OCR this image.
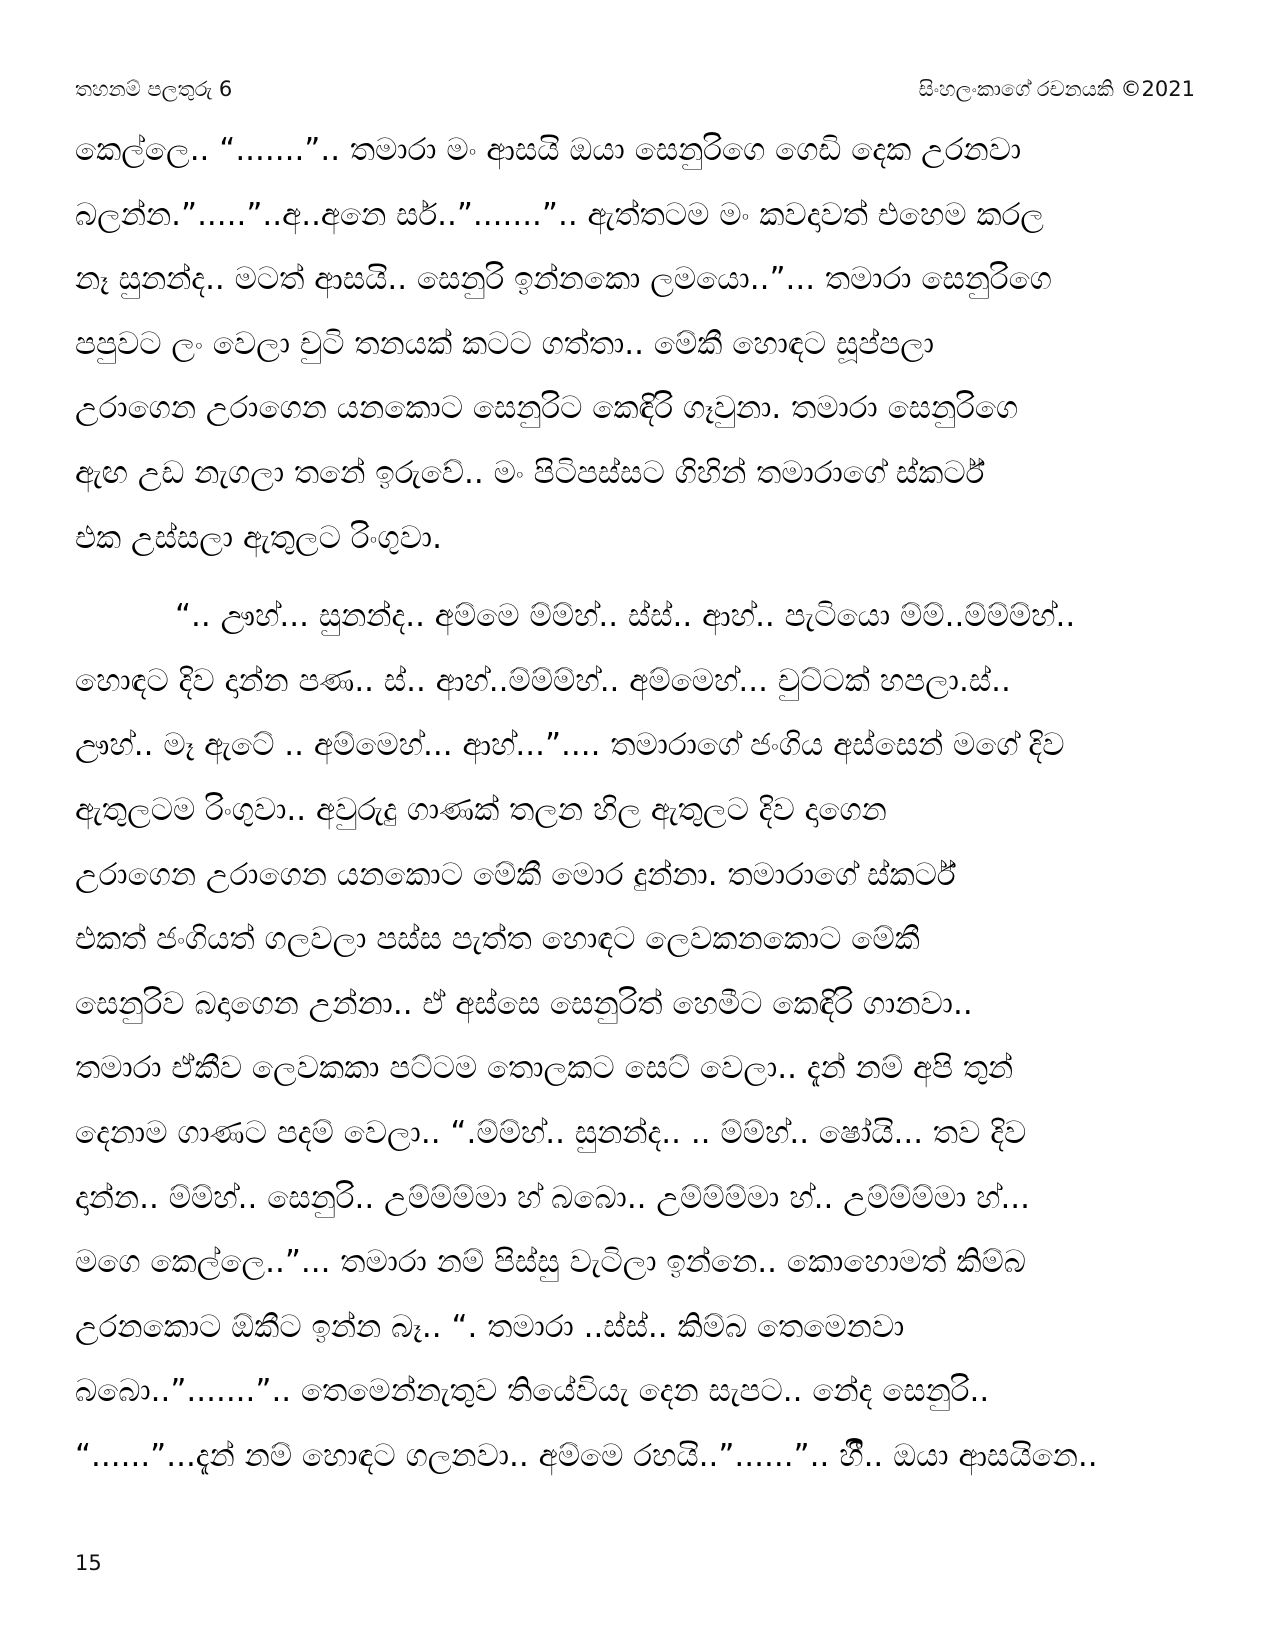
තහනම් පලතුරු 6	සිංහලංකාගේ රචනයකි ©2021

කෙල්ලෙ.. “.......”.. තමාරා මං ආසයි ඔයා සෙනුරිගෙ ගෙඩි දෙක උරනවා
බලන්න.”.....”..අ..අනෙ සර්..”.......”.. ඇත්තටම මං කවදාවත් එහෙම කරල
නෑ සුනන්ද.. මටත් ආසයි.. සෙනුරි ඉන්නකො ලමයො..”... තමාරා සෙනුරිගෙ
පපුවට ලං වෙලා චුටි තනයක් කටට ගත්තා.. මේකී හොඳට සූප්පලා
උරාගෙන උරාගෙන යනකොට සෙනුරිට කෙඳිරි ගෑවුනා. තමාරා සෙනුරිගෙ
ඇඟ උඩ නැගලා තනේ ඉරුවේ.. මං පිටිපස්සට ගිහින් තමාරාගේ ස්කර්ට්
එක උස්සලා ඇතුලට රිංගුවා.

“.. ඌහ්... සුනන්ද.. අම්මෙ ම්ම්හ්.. ස්ස්.. ආහ්.. පැටියො ම්ම්..ම්ම්ම්හ්..
හොඳට දිව දාන්න පණ.. ස්.. ආහ්..ම්ම්ම්හ්.. අම්මෙහ්... චුට්ටක් හපලා.ස්..
ඌහ්.. මෑ ඇටේ .. අම්මෙහ්... ආහ්...”.... තමාරාගේ ජංගිය අස්සෙන් මගේ දිව
ඇතුලටම රිංගුවා.. අවුරුදු ගාණක් තලන හිල ඇතුලට දිව දාගෙන
උරාගෙන උරාගෙන යනකොට මේකී මොර දුන්නා. තමාරාගේ ස්කර්ට්
එකත් ජංගියත් ගලවලා පස්ස පැත්ත හොඳට ලෙවකනකොට මේකී
සෙනුරිව බදාගෙන උන්නා.. ඒ අස්සෙ සෙනුරිත් හෙමීට කෙඳිරි ගානවා..
තමාරා ඒකීව ලෙවකකා පට්ටම තොලකට සෙට් වෙලා.. දැන් නම් අපි තුන්
දෙනාම ගාණට පදම් වෙලා.. “.ම්ම්හ්.. සුනන්ද.. .. ම්ම්හ්.. ෂෝයි... තව දිව
දාන්න.. ම්ම්හ්.. සෙනුරි.. උම්ම්ම්මා හ් බබො.. උම්ම්ම්මා හ්.. උම්ම්ම්මා හ්...
මගෙ කෙල්ලෙ..”... තමාරා නම් පිස්සු වැටිලා ඉන්නෙ.. කොහොමත් කිම්බ
උරනකොට ඕකීට ඉන්න බෑ.. “. තමාරා ..ස්ස්.. කිම්බ තෙමෙනවා
බබො..”.......”.. තෙමෙන්නැතුව තියේවියැ දෙන සැපට.. නේද සෙනුරි..
“......”...දැන් නම් හොඳට ගලනවා.. අම්මෙ රහයි..”......”.. හීී.. ඔයා ආසයිනෙ..

15
